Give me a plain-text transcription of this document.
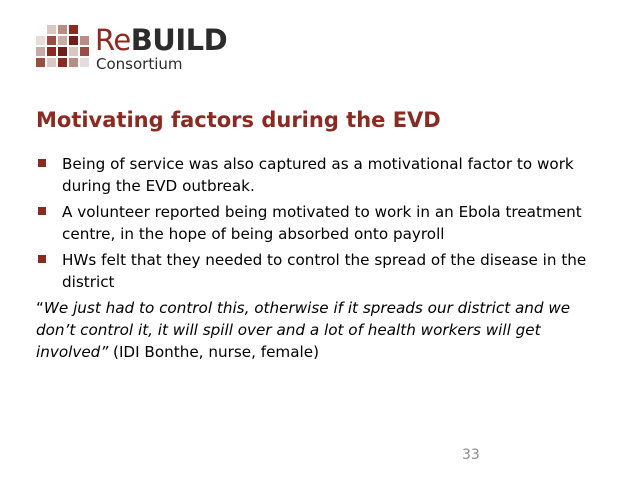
ReBUILD
Consortium
Motivating factors during the EVD
Being of service was also captured as a motivational factor to work during the EVD outbreak.
A volunteer reported being motivated to work in an Ebola treatment centre, in the hope of being absorbed onto payroll
HWs felt that they needed to control the spread of the disease in the district
“We just had to control this, otherwise if it spreads our district and we don’t control it, it will spill over and a lot of health workers will get involved” (IDI Bonthe, nurse, female)
33
